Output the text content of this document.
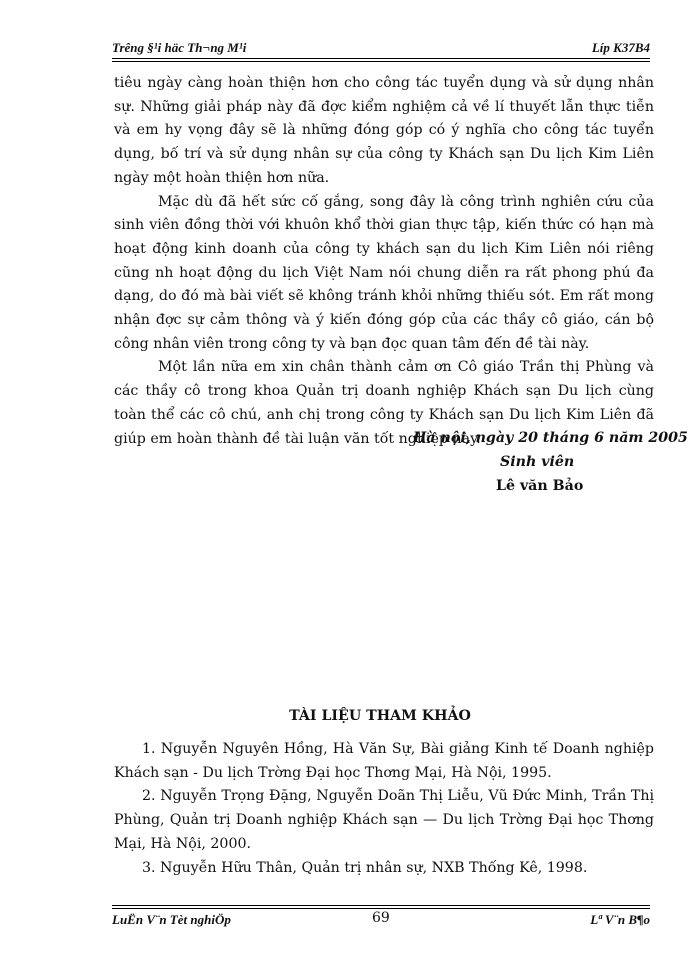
Trêng §¹i häc Th¬ng M¹i	Líp K37B4

tiêu ngày càng hoàn thiện hơn cho công tác tuyển dụng và sử dụng nhân sự. Những giải pháp này đã đợc kiểm nghiệm cả về lí thuyết lẫn thực tiễn và em hy vọng đây sẽ là những đóng góp có ý nghĩa cho công tác tuyển dụng, bố trí và sử dụng nhân sự của công ty Khách sạn Du lịch Kim Liên ngày một hoàn thiện hơn nữa.

Mặc dù đã hết sức cố gắng, song đây là công trình nghiên cứu của sinh viên đồng thời với khuôn khổ thời gian thực tập, kiến thức có hạn mà hoạt động kinh doanh của công ty khách sạn du lịch Kim Liên nói riêng cũng nh hoạt động du lịch Việt Nam nói chung diễn ra rất phong phú đa dạng, do đó mà bài viết sẽ không tránh khỏi những thiếu sót. Em rất mong nhận đợc sự cảm thông và ý kiến đóng góp của các thầy cô giáo, cán bộ công nhân viên trong công ty và bạn đọc quan tâm đến đề tài này.

Một lần nữa em xin chân thành cảm ơn Cô giáo Trần thị Phùng và các thầy cô trong khoa Quản trị doanh nghiệp Khách sạn Du lịch cùng toàn thể các cô chú, anh chị trong công ty Khách sạn Du lịch Kim Liên đã giúp em hoàn thành đề tài luận văn tốt nghiệp này.

Hà nội, ngày 20 tháng 6 năm 2005
Sinh viên
Lê văn Bảo
TÀI LIỆU THAM KHẢO

1. Nguyễn Nguyên Hồng, Hà Văn Sự, Bài giảng Kinh tế Doanh nghiệp Khách sạn - Du lịch Trờng Đại học Thơng Mại, Hà Nội, 1995.

2. Nguyễn Trọng Đặng, Nguyễn Doãn Thị Liễu, Vũ Đức Minh, Trần Thị Phùng, Quản trị Doanh nghiệp Khách sạn — Du lịch Trờng Đại học Thơng Mại, Hà Nội, 2000.

3. Nguyễn Hữu Thân, Quản trị nhân sự, NXB Thống Kê, 1998.

LuËn V¨n Tèt nghiÖp	69	Lª V¨n B¶o
